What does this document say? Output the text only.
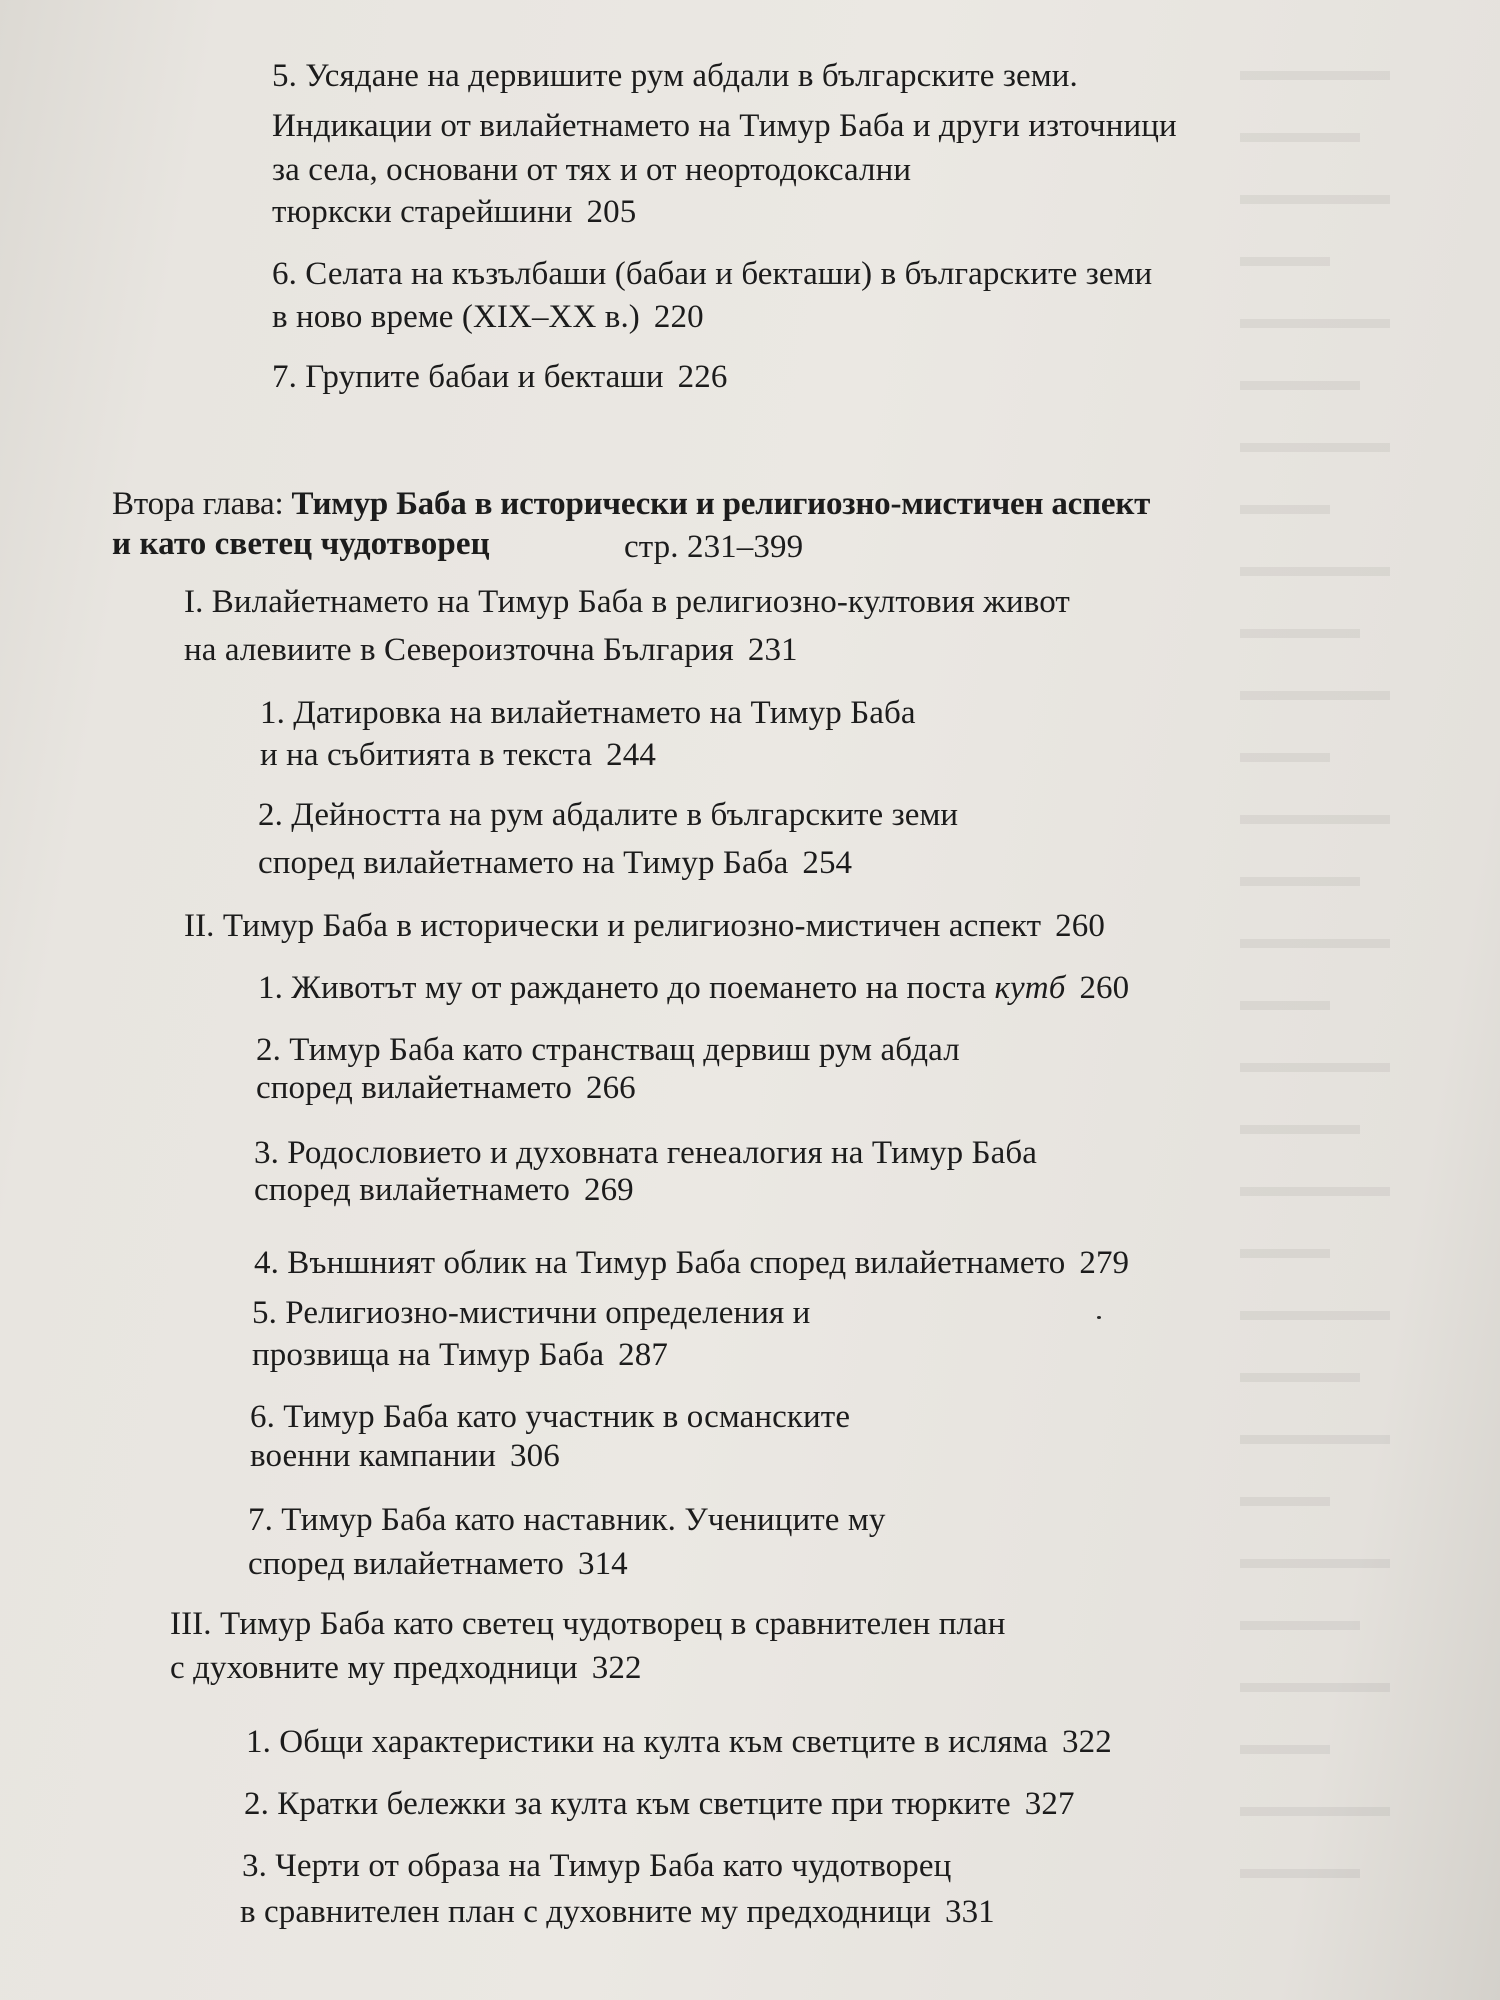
▬▬▬▬▬
▬▬▬▬
▬▬▬▬▬
▬▬▬
▬▬▬▬▬
▬▬▬▬
▬▬▬▬▬
▬▬▬
▬▬▬▬▬
▬▬▬▬
▬▬▬▬▬
▬▬▬
▬▬▬▬▬
▬▬▬▬
▬▬▬▬▬
▬▬▬
▬▬▬▬▬
▬▬▬▬
▬▬▬▬▬
▬▬▬
▬▬▬▬▬
▬▬▬▬
▬▬▬▬▬
▬▬▬
▬▬▬▬▬
▬▬▬▬
▬▬▬▬▬
▬▬▬
▬▬▬▬▬
▬▬▬▬
5. Усядане на дервишите рум абдали в българските земи.
Индикации от вилайетнамето на Тимур Баба и други източници
за села, основани от тях и от неортодоксални
тюркски старейшини 205
6. Селата на къзълбаши (бабаи и бекташи) в българските земи
в ново време (XIX–XX в.) 220
7. Групите бабаи и бекташи 226
Втора глава: Тимур Баба в исторически и религиозно-мистичен аспект
и като светец чудотворец	стр. 231–399
I. Вилайетнамето на Тимур Баба в религиозно-култовия живот
на алевиите в Североизточна България 231
1. Датировка на вилайетнамето на Тимур Баба
и на събитията в текста 244
2. Дейността на рум абдалите в българските земи
според вилайетнамето на Тимур Баба 254
II. Тимур Баба в исторически и религиозно-мистичен аспект 260
1. Животът му от раждането до поемането на поста кутб 260
2. Тимур Баба като странстващ дервиш рум абдал
според вилайетнамето 266
3. Родословието и духовната генеалогия на Тимур Баба
според вилайетнамето 269
4. Външният облик на Тимур Баба според вилайетнамето 279
5. Религиозно-мистични определения и
прозвища на Тимур Баба 287
6. Тимур Баба като участник в османските
военни кампании 306
7. Тимур Баба като наставник. Учениците му
според вилайетнамето 314
III. Тимур Баба като светец чудотворец в сравнителен план
с духовните му предходници 322
1. Общи характеристики на култа към светците в исляма 322
2. Кратки бележки за култа към светците при тюрките 327
3. Черти от образа на Тимур Баба като чудотворец
в сравнителен план с духовните му предходници 331
